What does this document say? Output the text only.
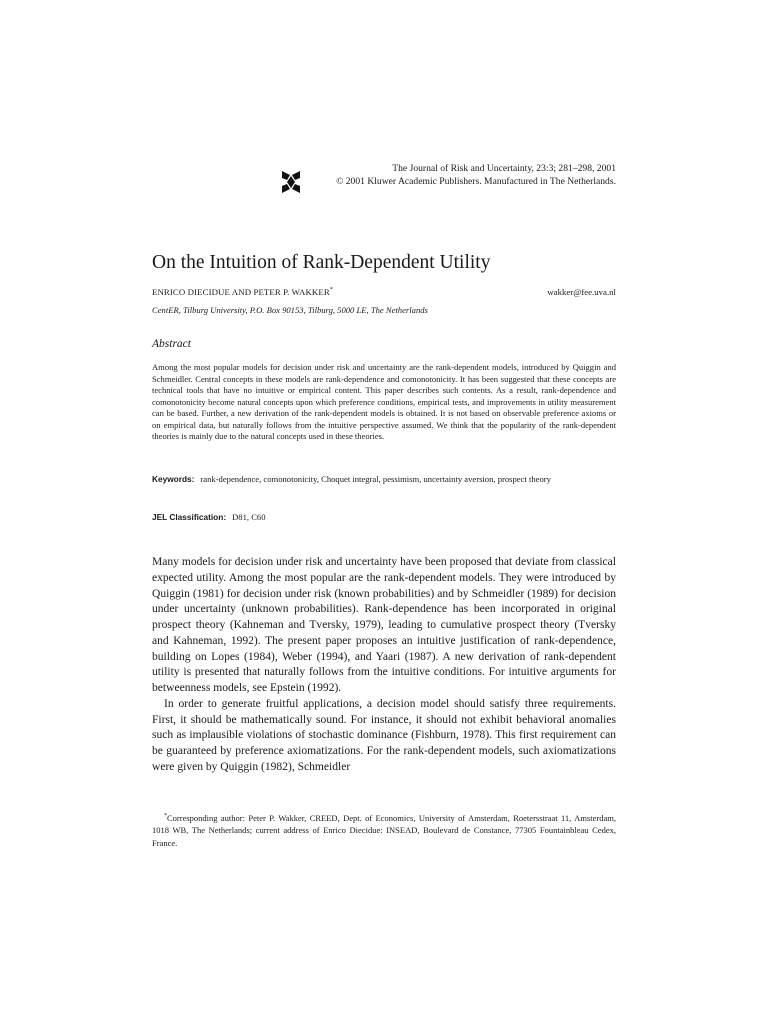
The Journal of Risk and Uncertainty, 23:3; 281–298, 2001
© 2001 Kluwer Academic Publishers. Manufactured in The Netherlands.
On the Intuition of Rank-Dependent Utility
ENRICO DIECIDUE AND PETER P. WAKKER*	wakker@fee.uva.nl
CentER, Tilburg University, P.O. Box 90153, Tilburg, 5000 LE, The Netherlands
Abstract

Among the most popular models for decision under risk and uncertainty are the rank-dependent models, introduced by Quiggin and Schmeidler. Central concepts in these models are rank-dependence and comonotonicity. It has been suggested that these concepts are technical tools that have no intuitive or empirical content. This paper describes such contents. As a result, rank-dependence and comonotonicity become natural concepts upon which preference conditions, empirical tests, and improvements in utility measurement can be based. Further, a new derivation of the rank-dependent models is obtained. It is not based on observable preference axioms or on empirical data, but naturally follows from the intuitive perspective assumed. We think that the popularity of the rank-dependent theories is mainly due to the natural concepts used in these theories.

Keywords: rank-dependence, comonotonicity, Choquet integral, pessimism, uncertainty aversion, prospect theory

JEL Classification: D81, C60

Many models for decision under risk and uncertainty have been proposed that deviate from classical expected utility. Among the most popular are the rank-dependent models. They were introduced by Quiggin (1981) for decision under risk (known probabilities) and by Schmeidler (1989) for decision under uncertainty (unknown probabilities). Rank-dependence has been incorporated in original prospect theory (Kahneman and Tversky, 1979), leading to cumulative prospect theory (Tversky and Kahneman, 1992). The present paper proposes an intuitive justification of rank-dependence, building on Lopes (1984), Weber (1994), and Yaari (1987). A new derivation of rank-dependent utility is presented that naturally follows from the intuitive conditions. For intuitive arguments for betweenness models, see Epstein (1992).

In order to generate fruitful applications, a decision model should satisfy three requirements. First, it should be mathematically sound. For instance, it should not exhibit behavioral anomalies such as implausible violations of stochastic dominance (Fishburn, 1978). This first requirement can be guaranteed by preference axiomatizations. For the rank-dependent models, such axiomatizations were given by Quiggin (1982), Schmeidler

*Corresponding author: Peter P. Wakker, CREED, Dept. of Economics, University of Amsterdam, Roetersstraat 11, Amsterdam, 1018 WB, The Netherlands; current address of Enrico Diecidue: INSEAD, Boulevard de Constance, 77305 Fountainbleau Cedex, France.
